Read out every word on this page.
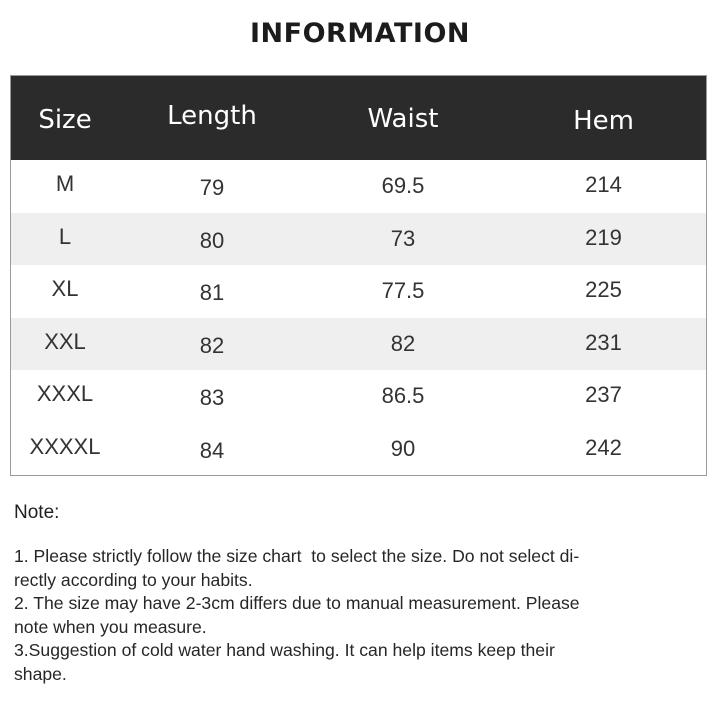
INFORMATION
Size	Length	Waist	Hem
M	79	69.5	214
L	80	73	219
XL	81	77.5	225
XXL	82	82	231
XXXL	83	86.5	237
XXXXL	84	90	242
Note:
1. Please strictly follow the size chart  to select the size. Do not select di-
rectly according to your habits.
2. The size may have 2-3cm differs due to manual measurement. Please
note when you measure.
3.Suggestion of cold water hand washing. It can help items keep their
shape.
